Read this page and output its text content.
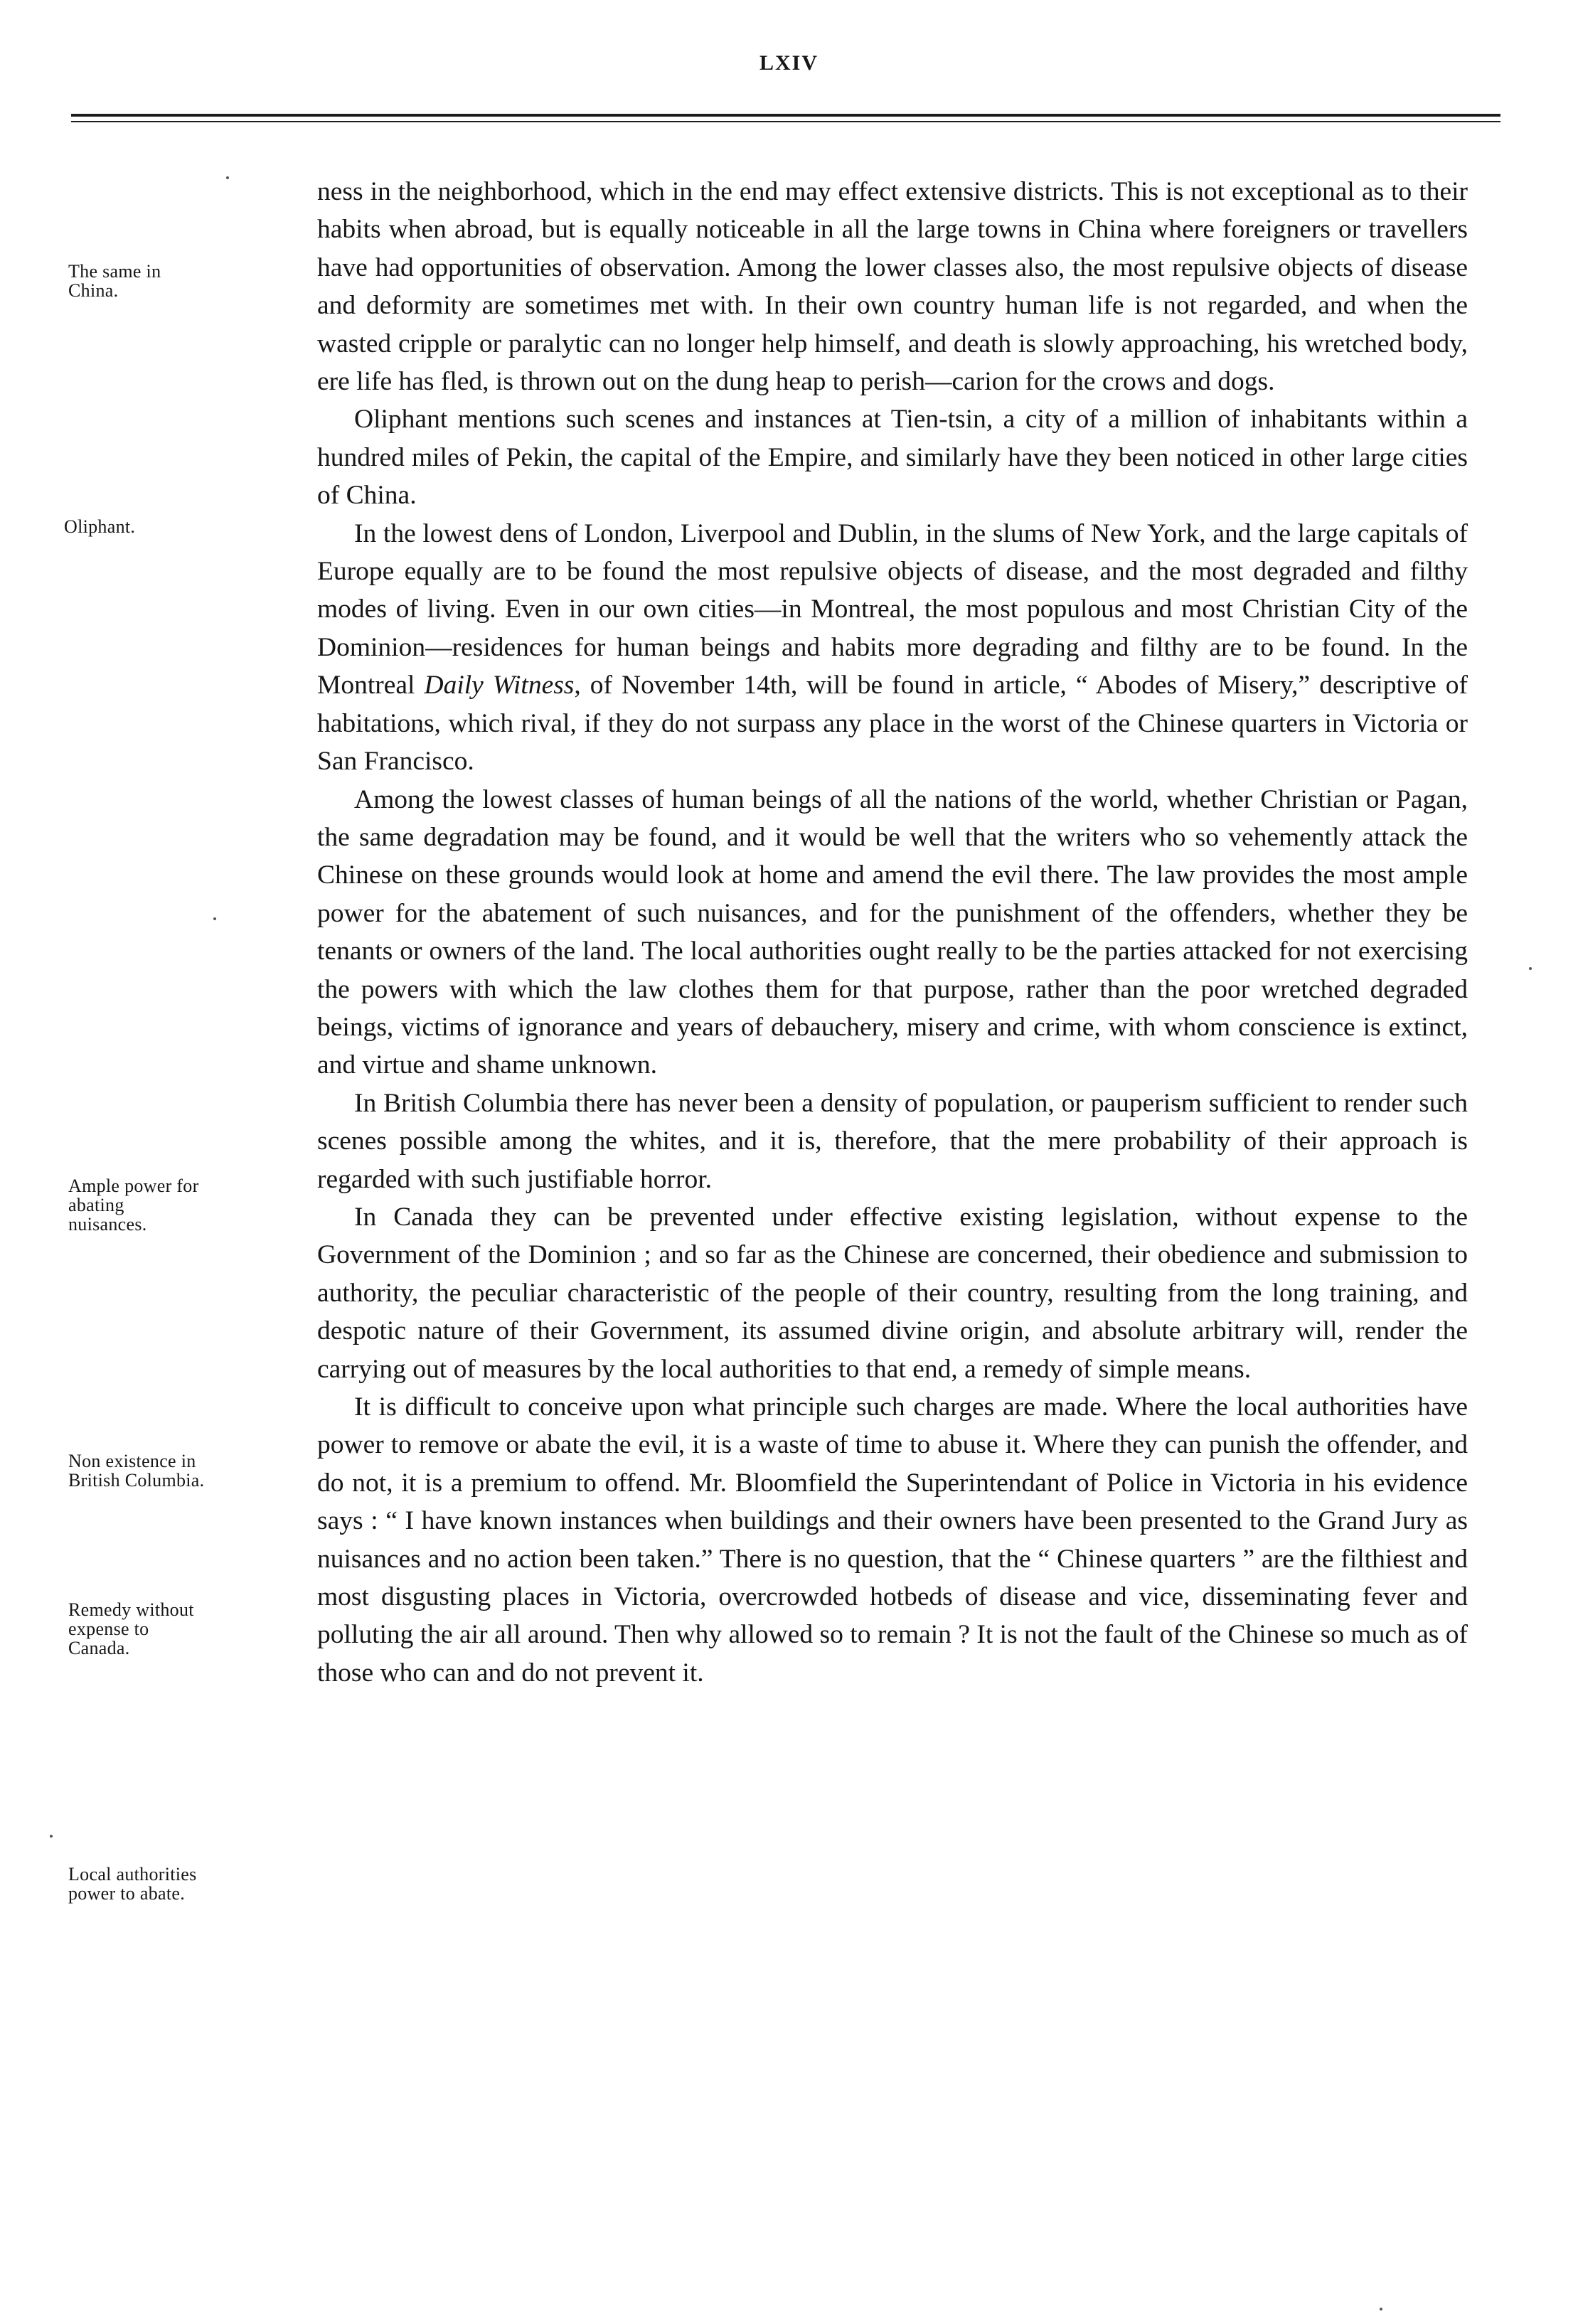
LXIV
The same in
China.
Oliphant.
Ample power for
abating
nuisances.
Non existence in
British Columbia.
Remedy without
expense to
Canada.
Local authorities
power to abate.

ness in the neighborhood, which in the end may effect extensive districts. This is not exceptional as to their habits when abroad, but is equally noticeable in all the large towns in China where foreigners or travellers have had opportunities of observation. Among the lower classes also, the most repulsive objects of disease and deformity are sometimes met with. In their own country human life is not regarded, and when the wasted cripple or paralytic can no longer help himself, and death is slowly approaching, his wretched body, ere life has fled, is thrown out on the dung heap to perish—carion for the crows and dogs.

Oliphant mentions such scenes and instances at Tien-tsin, a city of a million of inhabitants within a hundred miles of Pekin, the capital of the Empire, and similarly have they been noticed in other large cities of China.

In the lowest dens of London, Liverpool and Dublin, in the slums of New York, and the large capitals of Europe equally are to be found the most repulsive objects of disease, and the most degraded and filthy modes of living. Even in our own cities—in Montreal, the most populous and most Christian City of the Dominion—residences for human beings and habits more degrading and filthy are to be found. In the Montreal Daily Witness, of November 14th, will be found in article, “ Abodes of Misery,” descriptive of habitations, which rival, if they do not surpass any place in the worst of the Chinese quarters in Victoria or San Francisco.

Among the lowest classes of human beings of all the nations of the world, whether Christian or Pagan, the same degradation may be found, and it would be well that the writers who so vehemently attack the Chinese on these grounds would look at home and amend the evil there. The law provides the most ample power for the abatement of such nuisances, and for the punishment of the offenders, whether they be tenants or owners of the land. The local authorities ought really to be the parties attacked for not exercising the powers with which the law clothes them for that purpose, rather than the poor wretched degraded beings, victims of ignorance and years of debauchery, misery and crime, with whom conscience is extinct, and virtue and shame unknown.

In British Columbia there has never been a density of population, or pauperism sufficient to render such scenes possible among the whites, and it is, therefore, that the mere probability of their approach is regarded with such justifiable horror.

In Canada they can be prevented under effective existing legislation, without expense to the Government of the Dominion ; and so far as the Chinese are concerned, their obedience and submission to authority, the peculiar characteristic of the people of their country, resulting from the long training, and despotic nature of their Government, its assumed divine origin, and absolute arbitrary will, render the carrying out of measures by the local authorities to that end, a remedy of simple means.

It is difficult to conceive upon what principle such charges are made. Where the local authorities have power to remove or abate the evil, it is a waste of time to abuse it. Where they can punish the offender, and do not, it is a premium to offend. Mr. Bloomfield the Superintendant of Police in Victoria in his evidence says : “ I have known instances when buildings and their owners have been presented to the Grand Jury as nuisances and no action been taken.” There is no question, that the “ Chinese quarters ” are the filthiest and most disgusting places in Victoria, overcrowded hotbeds of disease and vice, disseminating fever and polluting the air all around. Then why allowed so to remain ? It is not the fault of the Chinese so much as of those who can and do not prevent it.
